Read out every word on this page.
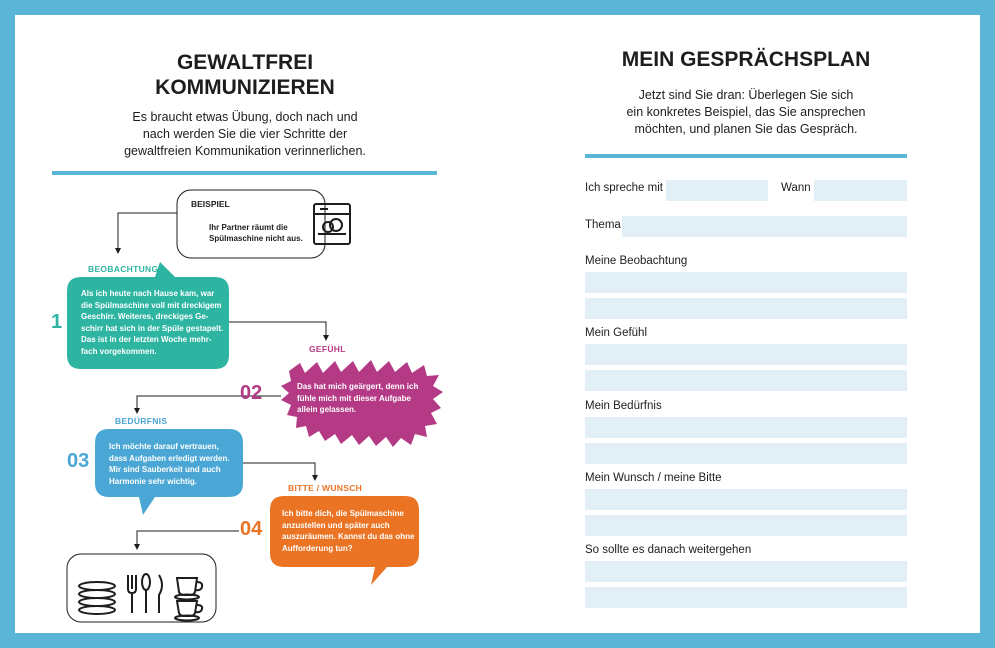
GEWALTFREI
KOMMUNIZIEREN
Es braucht etwas Übung, doch nach und
nach werden Sie die vier Schritte der
gewaltfreien Kommunikation verinnerlichen.
BEISPIEL
Ihr Partner räumt die
Spülmaschine nicht aus.
BEOBACHTUNG
1
Als ich heute nach Hause kam, war
die Spülmaschine voll mit dreckigem
Geschirr. Weiteres, dreckiges Ge-
schirr hat sich in der Spüle gestapelt.
Das ist in der letzten Woche mehr-
fach vorgekommen.	GEFÜHL
02	Das hat mich geärgert, denn ich
fühle mich mit dieser Aufgabe
allein gelassen.
BEDÜRFNIS
03
Ich möchte darauf vertrauen,
dass Aufgaben erledigt werden.
Mir sind Sauberkeit und auch
Harmonie sehr wichtig.
BITTE / WUNSCH
04
Ich bitte dich, die Spülmaschine
anzustellen und später auch
auszuräumen. Kannst du das ohne
Aufforderung tun?
MEIN GESPRÄCHSPLAN
Jetzt sind Sie dran: Überlegen Sie sich
ein konkretes Beispiel, das Sie ansprechen
möchten, und planen Sie das Gespräch.
Ich spreche mit	Wann
Thema
Meine Beobachtung
Mein Gefühl
Mein Bedürfnis
Mein Wunsch / meine Bitte
So sollte es danach weitergehen
